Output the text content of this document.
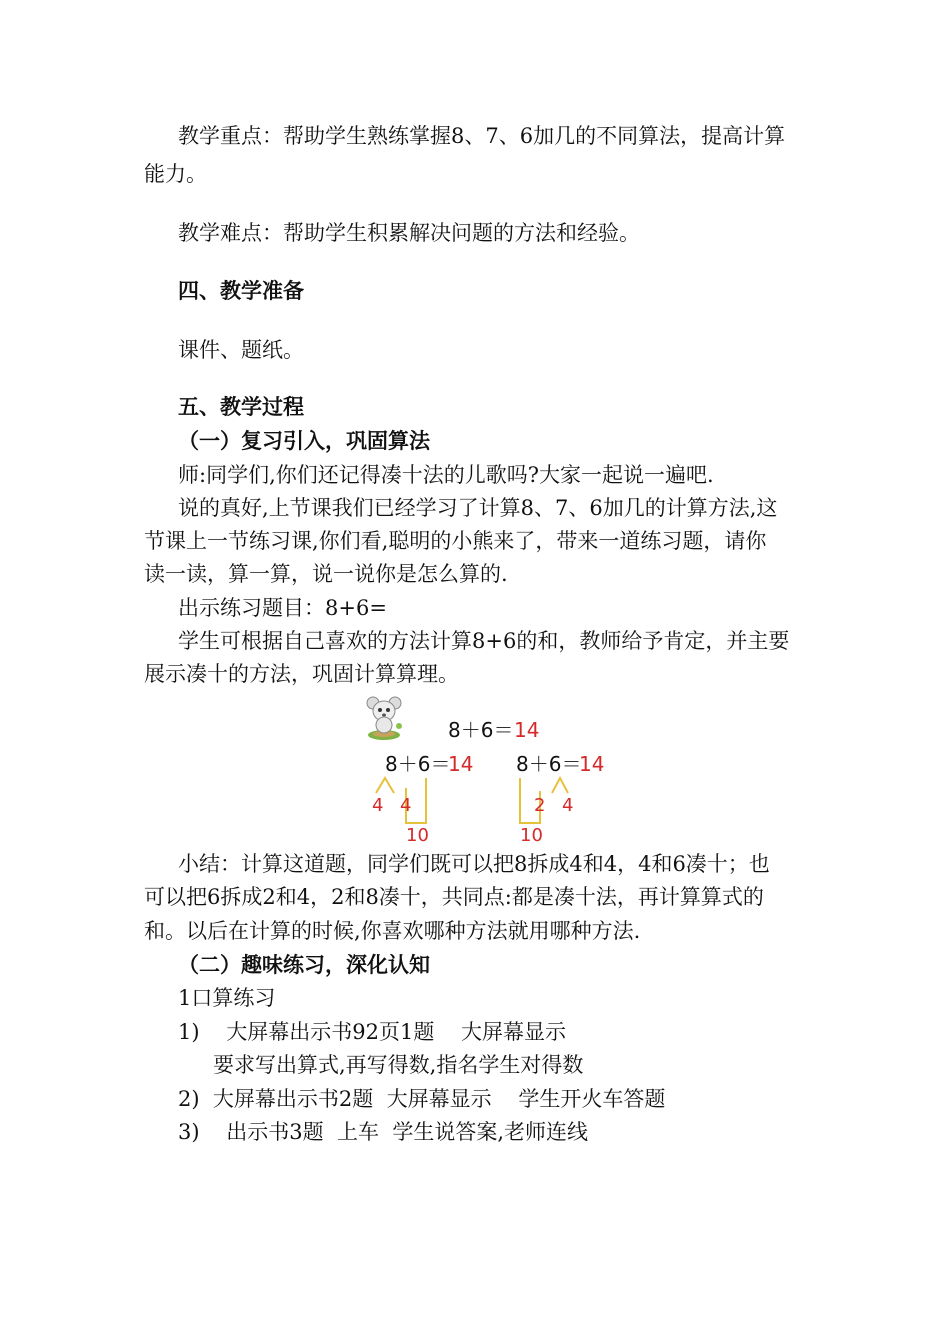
教学重点：帮助学生熟练掌握8、7、6加几的不同算法，提高计算
能力。
教学难点：帮助学生积累解决问题的方法和经验。
四、教学准备
课件、题纸。
五、教学过程
（一）复习引入，巩固算法
师:同学们,你们还记得凑十法的儿歌吗?大家一起说一遍吧.
说的真好,上节课我们已经学习了计算8、7、6加几的计算方法,这
节课上一节练习课,你们看,聪明的小熊来了，带来一道练习题，请你
读一读，算一算，说一说你是怎么算的.
出示练习题目：8+6=
学生可根据自己喜欢的方法计算8+6的和，教师给予肯定，并主要
展示凑十的方法，巩固计算算理。
8＋6＝ 14
8＋6＝
14
4 4
10
8＋6＝
14
2 4
10
小结：计算这道题，同学们既可以把8拆成4和4，4和6凑十；也
可以把6拆成2和4，2和8凑十，共同点:都是凑十法，再计算算式的
和。以后在计算的时候,你喜欢哪种方法就用哪种方法.
（二）趣味练习，深化认知
1口算练习
1)    大屏幕出示书92页1题    大屏幕显示
要求写出算式,再写得数,指名学生对得数
2)  大屏幕出示书2题  大屏幕显示    学生开火车答题
3)    出示书3题  上车  学生说答案,老师连线
